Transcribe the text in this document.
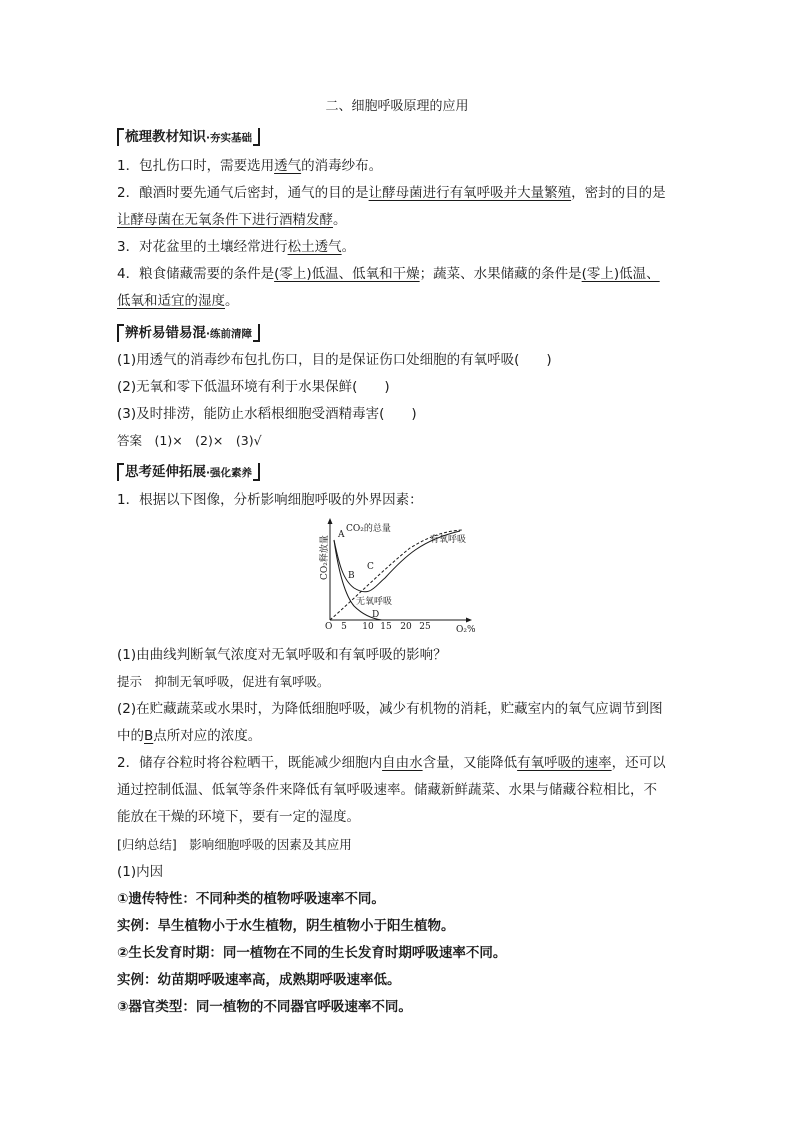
二、细胞呼吸原理的应用
梳理教材知识·夯实基础
1．包扎伤口时，需要选用透气的消毒纱布。
2．酿酒时要先通气后密封，通气的目的是让酵母菌进行有氧呼吸并大量繁殖，密封的目的是
让酵母菌在无氧条件下进行酒精发酵。
3．对花盆里的土壤经常进行松土透气。
4．粮食储藏需要的条件是(零上)低温、低氧和干燥；蔬菜、水果储藏的条件是(零上)低温、
低氧和适宜的湿度。
辨析易错易混·练前清障
(1)用透气的消毒纱布包扎伤口，目的是保证伤口处细胞的有氧呼吸(　　)
(2)无氧和零下低温环境有利于水果保鲜(　　)
(3)及时排涝，能防止水稻根细胞受酒精毒害(　　)
答案　(1)×　(2)×　(3)√
思考延伸拓展·强化素养
1．根据以下图像，分析影响细胞呼吸的外界因素：
CO₂释放量
O	O₂%
5 10 15 20 25
A
CO₂的总量
有氧呼吸
B
C
无氧呼吸
D
(1)由曲线判断氧气浓度对无氧呼吸和有氧呼吸的影响？
提示　抑制无氧呼吸，促进有氧呼吸。
(2)在贮藏蔬菜或水果时，为降低细胞呼吸，减少有机物的消耗，贮藏室内的氧气应调节到图
中的B点所对应的浓度。
2．储存谷粒时将谷粒晒干，既能减少细胞内自由水含量，又能降低有氧呼吸的速率，还可以
通过控制低温、低氧等条件来降低有氧呼吸速率。储藏新鲜蔬菜、水果与储藏谷粒相比，不
能放在干燥的环境下，要有一定的湿度。
[归纳总结]　影响细胞呼吸的因素及其应用
(1)内因
①遗传特性：不同种类的植物呼吸速率不同。
实例：旱生植物小于水生植物，阴生植物小于阳生植物。
②生长发育时期：同一植物在不同的生长发育时期呼吸速率不同。
实例：幼苗期呼吸速率高，成熟期呼吸速率低。
③器官类型：同一植物的不同器官呼吸速率不同。
